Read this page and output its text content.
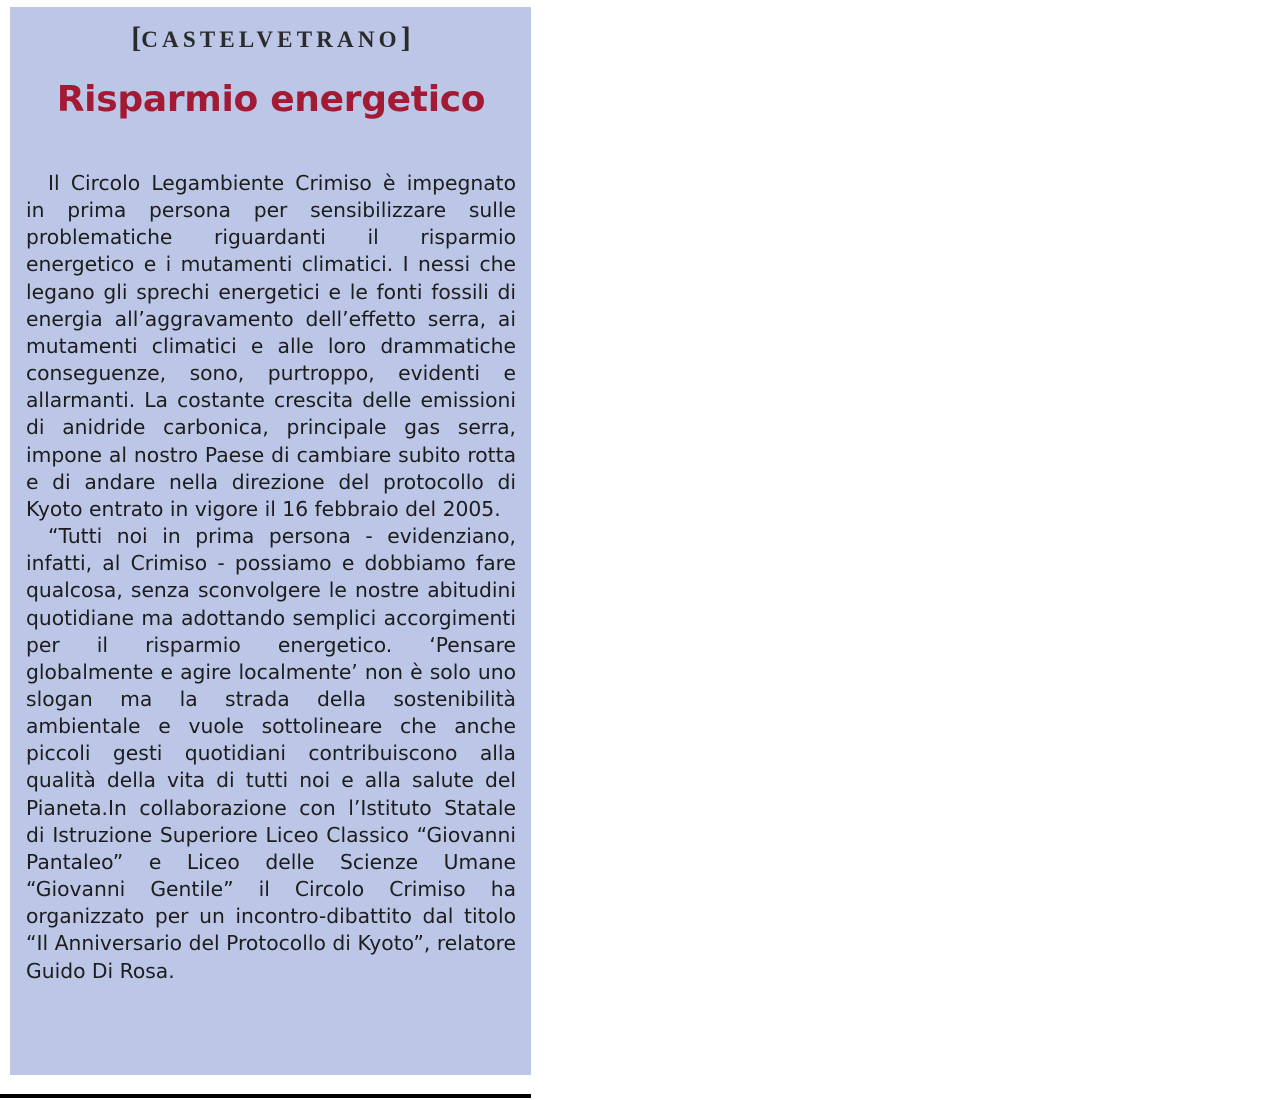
[CASTELVETRANO]
Risparmio energetico

Il Circolo Legambiente Crimiso è impegnato in prima persona per sensibilizzare sulle problematiche riguardanti il risparmio energetico e i mutamenti climatici. I nessi che legano gli sprechi energetici e le fonti fossili di energia all’aggravamento dell’effetto serra, ai mutamenti climatici e alle loro drammatiche conseguenze, sono, purtroppo, evidenti e allarmanti. La costante crescita delle emissioni di anidride carbonica, principale gas serra, impone al nostro Paese di cambiare subito rotta e di andare nella direzione del protocollo di Kyoto entrato in vigore il 16 febbraio del 2005.

“Tutti noi in prima persona - evidenziano, infatti, al Crimiso - possiamo e dobbiamo fare qualcosa, senza sconvolgere le nostre abitudini quotidiane ma adottando semplici accorgimenti per il risparmio energetico. ‘Pensare globalmente e agire localmente’ non è solo uno slogan ma la strada della sostenibilità ambientale e vuole sottolineare che anche piccoli gesti quotidiani contribuiscono alla qualità della vita di tutti noi e alla salute del Pianeta.In collaborazione con l’Istituto Statale di Istruzione Superiore Liceo Classico “Giovanni Pantaleo” e Liceo delle Scienze Umane “Giovanni Gentile” il Circolo Crimiso ha organizzato per un incontro-dibattito dal titolo “Il Anniversario del Protocollo di Kyoto”, relatore Guido Di Rosa.
